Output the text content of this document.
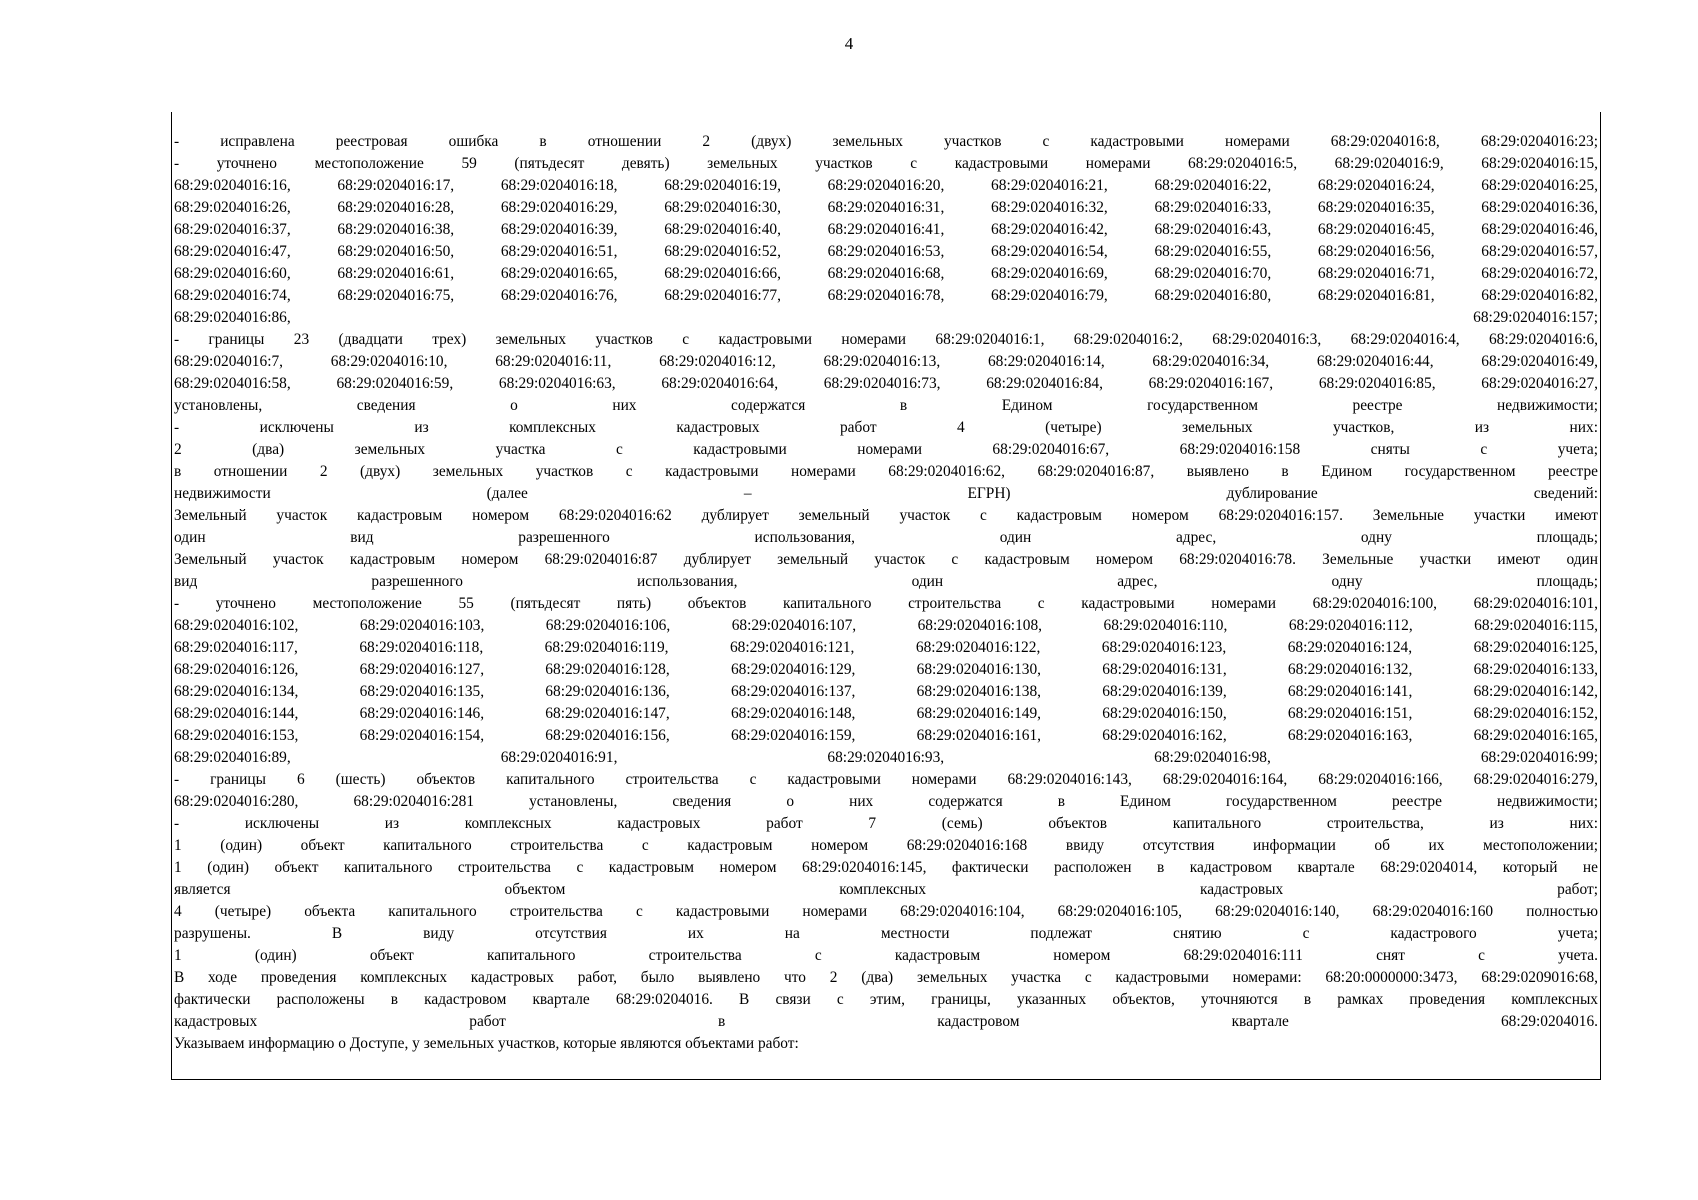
4
- исправлена реестровая ошибка в отношении 2 (двух) земельных участков с кадастровыми номерами 68:29:0204016:8, 68:29:0204016:23;
- уточнено местоположение 59 (пятьдесят девять) земельных участков с кадастровыми номерами 68:29:0204016:5, 68:29:0204016:9, 68:29:0204016:15,
68:29:0204016:16, 68:29:0204016:17, 68:29:0204016:18, 68:29:0204016:19, 68:29:0204016:20, 68:29:0204016:21, 68:29:0204016:22, 68:29:0204016:24, 68:29:0204016:25,
68:29:0204016:26, 68:29:0204016:28, 68:29:0204016:29, 68:29:0204016:30, 68:29:0204016:31, 68:29:0204016:32, 68:29:0204016:33, 68:29:0204016:35, 68:29:0204016:36,
68:29:0204016:37, 68:29:0204016:38, 68:29:0204016:39, 68:29:0204016:40, 68:29:0204016:41, 68:29:0204016:42, 68:29:0204016:43, 68:29:0204016:45, 68:29:0204016:46,
68:29:0204016:47, 68:29:0204016:50, 68:29:0204016:51, 68:29:0204016:52, 68:29:0204016:53, 68:29:0204016:54, 68:29:0204016:55, 68:29:0204016:56, 68:29:0204016:57,
68:29:0204016:60, 68:29:0204016:61, 68:29:0204016:65, 68:29:0204016:66, 68:29:0204016:68, 68:29:0204016:69, 68:29:0204016:70, 68:29:0204016:71, 68:29:0204016:72,
68:29:0204016:74, 68:29:0204016:75, 68:29:0204016:76, 68:29:0204016:77, 68:29:0204016:78, 68:29:0204016:79, 68:29:0204016:80, 68:29:0204016:81, 68:29:0204016:82,
68:29:0204016:86, 68:29:0204016:157;
- границы 23 (двадцати трех) земельных участков с кадастровыми номерами 68:29:0204016:1, 68:29:0204016:2, 68:29:0204016:3, 68:29:0204016:4, 68:29:0204016:6,
68:29:0204016:7, 68:29:0204016:10, 68:29:0204016:11, 68:29:0204016:12, 68:29:0204016:13, 68:29:0204016:14, 68:29:0204016:34, 68:29:0204016:44, 68:29:0204016:49,
68:29:0204016:58, 68:29:0204016:59, 68:29:0204016:63, 68:29:0204016:64, 68:29:0204016:73, 68:29:0204016:84, 68:29:0204016:167, 68:29:0204016:85, 68:29:0204016:27,
установлены, сведения о них содержатся в Едином государственном реестре недвижимости;
- исключены из комплексных кадастровых работ 4 (четыре) земельных участков, из них:
2 (два) земельных участка с кадастровыми номерами 68:29:0204016:67, 68:29:0204016:158 сняты с учета;
в отношении 2 (двух) земельных участков с кадастровыми номерами 68:29:0204016:62, 68:29:0204016:87, выявлено в Едином государственном реестре
недвижимости (далее – ЕГРН) дублирование сведений:
Земельный участок кадастровым номером 68:29:0204016:62 дублирует земельный участок с кадастровым номером 68:29:0204016:157. Земельные участки имеют
один вид разрешенного использования, один адрес, одну площадь;
Земельный участок кадастровым номером 68:29:0204016:87 дублирует земельный участок с кадастровым номером 68:29:0204016:78. Земельные участки имеют один
вид разрешенного использования, один адрес, одну площадь;
- уточнено местоположение 55 (пятьдесят пять) объектов капитального строительства с кадастровыми номерами 68:29:0204016:100, 68:29:0204016:101,
68:29:0204016:102, 68:29:0204016:103, 68:29:0204016:106, 68:29:0204016:107, 68:29:0204016:108, 68:29:0204016:110, 68:29:0204016:112, 68:29:0204016:115,
68:29:0204016:117, 68:29:0204016:118, 68:29:0204016:119, 68:29:0204016:121, 68:29:0204016:122, 68:29:0204016:123, 68:29:0204016:124, 68:29:0204016:125,
68:29:0204016:126, 68:29:0204016:127, 68:29:0204016:128, 68:29:0204016:129, 68:29:0204016:130, 68:29:0204016:131, 68:29:0204016:132, 68:29:0204016:133,
68:29:0204016:134, 68:29:0204016:135, 68:29:0204016:136, 68:29:0204016:137, 68:29:0204016:138, 68:29:0204016:139, 68:29:0204016:141, 68:29:0204016:142,
68:29:0204016:144, 68:29:0204016:146, 68:29:0204016:147, 68:29:0204016:148, 68:29:0204016:149, 68:29:0204016:150, 68:29:0204016:151, 68:29:0204016:152,
68:29:0204016:153, 68:29:0204016:154, 68:29:0204016:156, 68:29:0204016:159, 68:29:0204016:161, 68:29:0204016:162, 68:29:0204016:163, 68:29:0204016:165,
68:29:0204016:89, 68:29:0204016:91, 68:29:0204016:93, 68:29:0204016:98, 68:29:0204016:99;
- границы 6 (шесть) объектов капитального строительства с кадастровыми номерами 68:29:0204016:143, 68:29:0204016:164, 68:29:0204016:166, 68:29:0204016:279,
68:29:0204016:280, 68:29:0204016:281 установлены, сведения о них содержатся в Едином государственном реестре недвижимости;
- исключены из комплексных кадастровых работ 7 (семь) объектов капитального строительства, из них:
1 (один) объект капитального строительства с кадастровым номером 68:29:0204016:168 ввиду отсутствия информации об их местоположении;
1 (один) объект капитального строительства с кадастровым номером 68:29:0204016:145, фактически расположен в кадастровом квартале 68:29:0204014, который не
является объектом комплексных кадастровых работ;
4 (четыре) объекта капитального строительства с кадастровыми номерами 68:29:0204016:104, 68:29:0204016:105, 68:29:0204016:140, 68:29:0204016:160 полностью
разрушены. В виду отсутствия их на местности подлежат снятию с кадастрового учета;
1 (один) объект капитального строительства с кадастровым номером 68:29:0204016:111 снят с учета.
В ходе проведения комплексных кадастровых работ, было выявлено что 2 (два) земельных участка с кадастровыми номерами: 68:20:0000000:3473, 68:29:0209016:68,
фактически расположены в кадастровом квартале 68:29:0204016. В связи с этим, границы, указанных объектов, уточняются в рамках проведения комплексных
кадастровых работ в кадастровом квартале 68:29:0204016.
Указываем информацию о Доступе, у земельных участков, которые являются объектами работ:
